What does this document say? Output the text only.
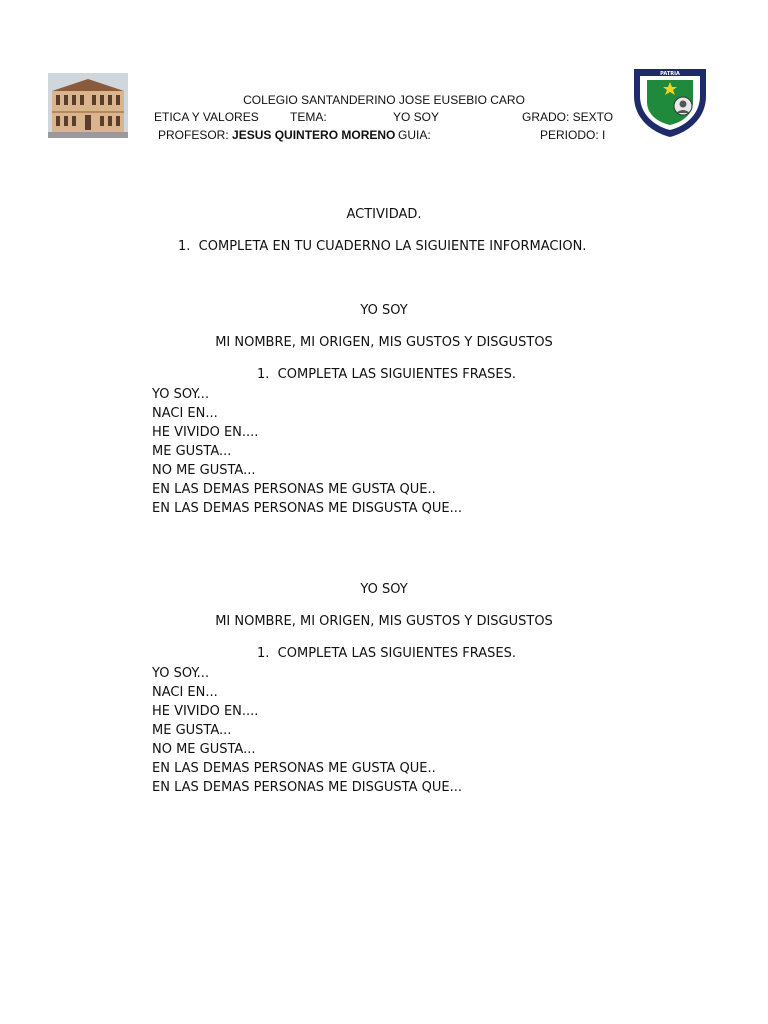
COLEGIO SANTANDERINO JOSE EUSEBIO CARO
ETICA Y VALORES	TEMA:	YO SOY	GRADO: SEXTO
PROFESOR: JESUS QUINTERO MORENO GUIA:	PERIODO: I
PATRIA
ACTIVIDAD.
1. COMPLETA EN TU CUADERNO LA SIGUIENTE INFORMACION.
YO SOY
MI NOMBRE, MI ORIGEN, MIS GUSTOS Y DISGUSTOS
1. COMPLETA LAS SIGUIENTES FRASES.
YO SOY...
NACI EN...
HE VIVIDO EN....
ME GUSTA...
NO ME GUSTA...
EN LAS DEMAS PERSONAS ME GUSTA QUE..
EN LAS DEMAS PERSONAS ME DISGUSTA QUE...
YO SOY
MI NOMBRE, MI ORIGEN, MIS GUSTOS Y DISGUSTOS
1. COMPLETA LAS SIGUIENTES FRASES.
YO SOY...
NACI EN...
HE VIVIDO EN....
ME GUSTA...
NO ME GUSTA...
EN LAS DEMAS PERSONAS ME GUSTA QUE..
EN LAS DEMAS PERSONAS ME DISGUSTA QUE...
